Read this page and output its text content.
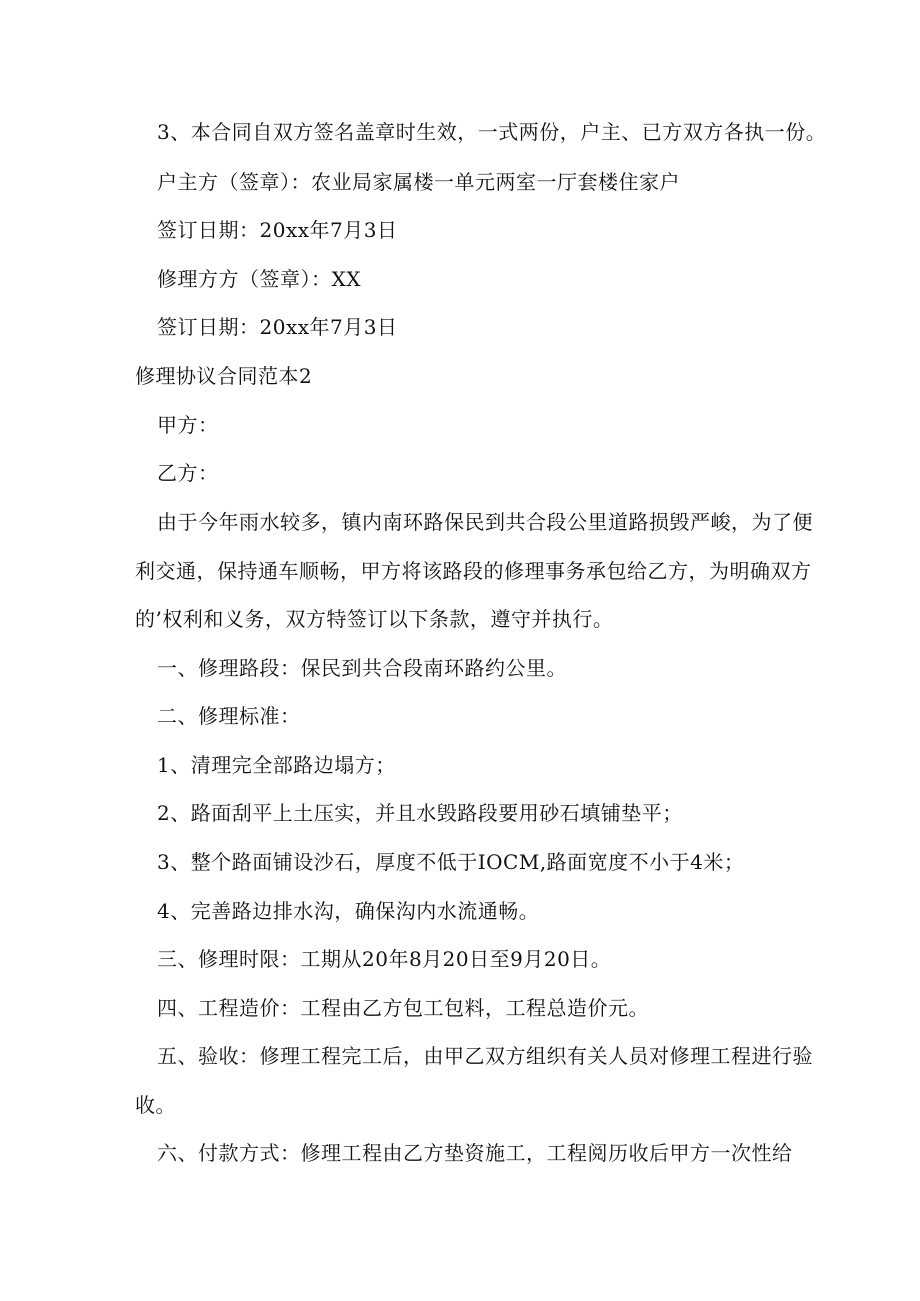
3、本合同自双方签名盖章时生效，一式两份，户主、已方双方各执一份。
户主方（签章）：农业局家属楼一单元两室一厅套楼住家户
签订日期：20xx年7月3日
修理方方（签章）：XX
签订日期：20xx年7月3日
修理协议合同范本2
甲方：
乙方：
由于今年雨水较多，镇内南环路保民到共合段公里道路损毁严峻，为了便
利交通，保持通车顺畅，甲方将该路段的修理事务承包给乙方，为明确双方
的’权利和义务，双方特签订以下条款，遵守并执行。
一、修理路段：保民到共合段南环路约公里。
二、修理标准：
1、清理完全部路边塌方；
2、路面刮平上土压实，并且水毁路段要用砂石填铺垫平；
3、整个路面铺设沙石，厚度不低于IOCM,路面宽度不小于4米；
4、完善路边排水沟，确保沟内水流通畅。
三、修理时限：工期从20年8月20日至9月20日。
四、工程造价：工程由乙方包工包料，工程总造价元。
五、验收：修理工程完工后，由甲乙双方组织有关人员对修理工程进行验
收。
六、付款方式：修理工程由乙方垫资施工，工程阅历收后甲方一次性给
